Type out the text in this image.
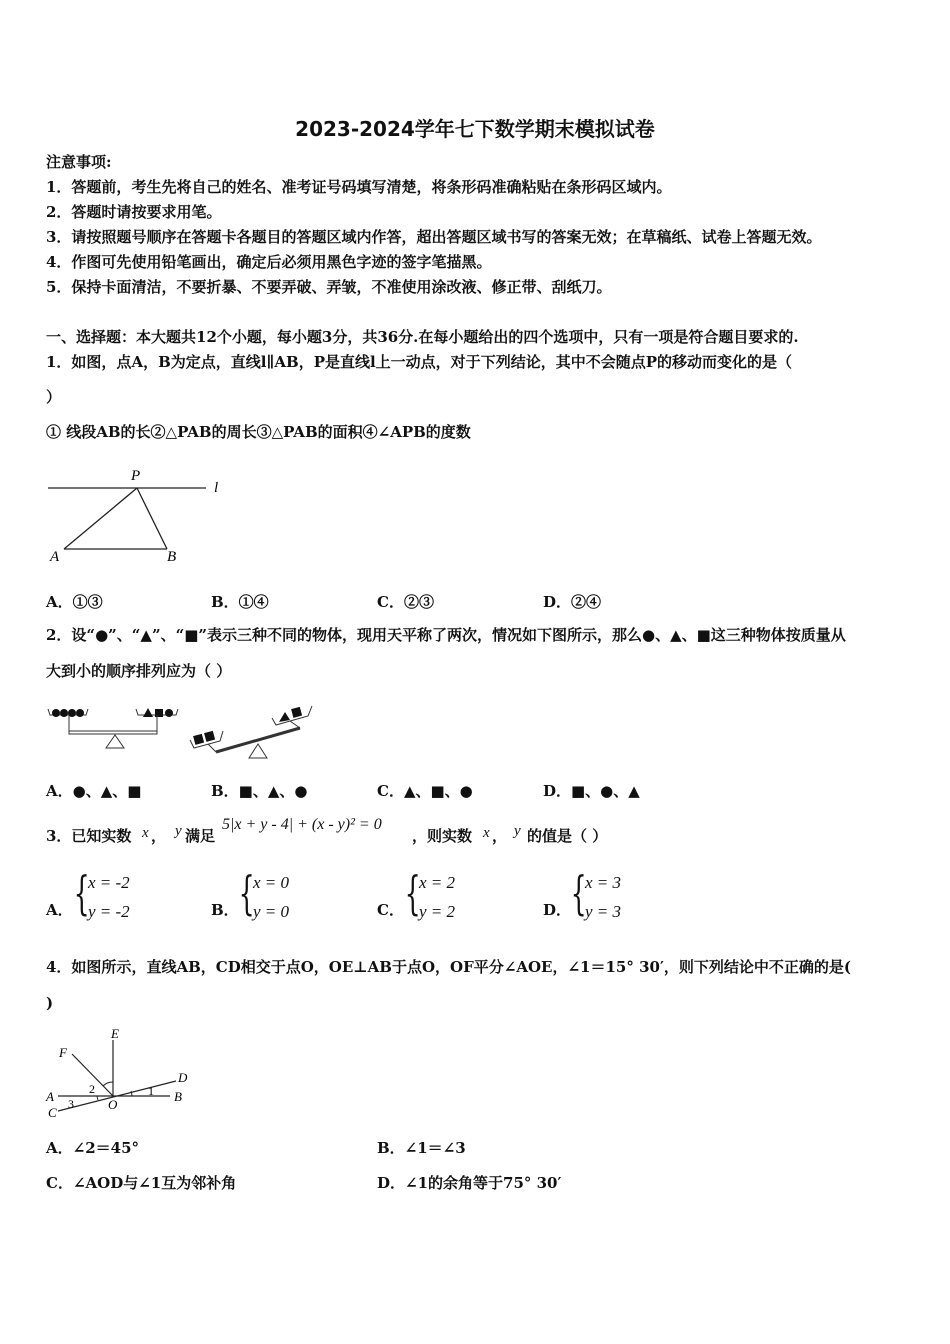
2023-2024学年七下数学期末模拟试卷
注意事项:
1．答题前，考生先将自己的姓名、准考证号码填写清楚，将条形码准确粘贴在条形码区域内。
2．答题时请按要求用笔。
3．请按照题号顺序在答题卡各题目的答题区域内作答，超出答题区域书写的答案无效；在草稿纸、试卷上答题无效。
4．作图可先使用铅笔画出，确定后必须用黑色字迹的签字笔描黑。
5．保持卡面清洁，不要折暴、不要弄破、弄皱，不准使用涂改液、修正带、刮纸刀。
一、选择题：本大题共12个小题，每小题3分，共36分.在每小题给出的四个选项中，只有一项是符合题目要求的.
1．如图，点A，B为定点，直线l∥AB，P是直线l上一动点，对于下列结论，其中不会随点P的移动而变化的是（
）
① 线段AB的长②△PAB的周长③△PAB的面积④∠APB的度数
P
l
A	B
A．①③	B．①④	C．②③	D．②④
2．设“●”、“▲”、“■”表示三种不同的物体，现用天平称了两次，情况如下图所示，那么●、▲、■这三种物体按质量从
大到小的顺序排列应为（ ）
A．●、▲、■	B．■、▲、●	C．▲、■、●	D．■、●、▲
3．已知实数 x ， y 满足
5|x + y - 4| + (x - y)² = 0
，则实数 x ， y 的值是（ ）
A． {
x = -2
y = -2	B． {
x = 0
y = 0	C． {
x = 2
y = 2	D． {
x = 3
y = 3
4．如图所示，直线AB，CD相交于点O，OE⊥AB于点O，OF平分∠AOE，∠1＝15° 30′，则下列结论中不正确的是(
)
E
F
D
A	B
C
O
1
2
3
A．∠2＝45°	B．∠1＝∠3
C．∠AOD与∠1互为邻补角	D．∠1的余角等于75° 30′
